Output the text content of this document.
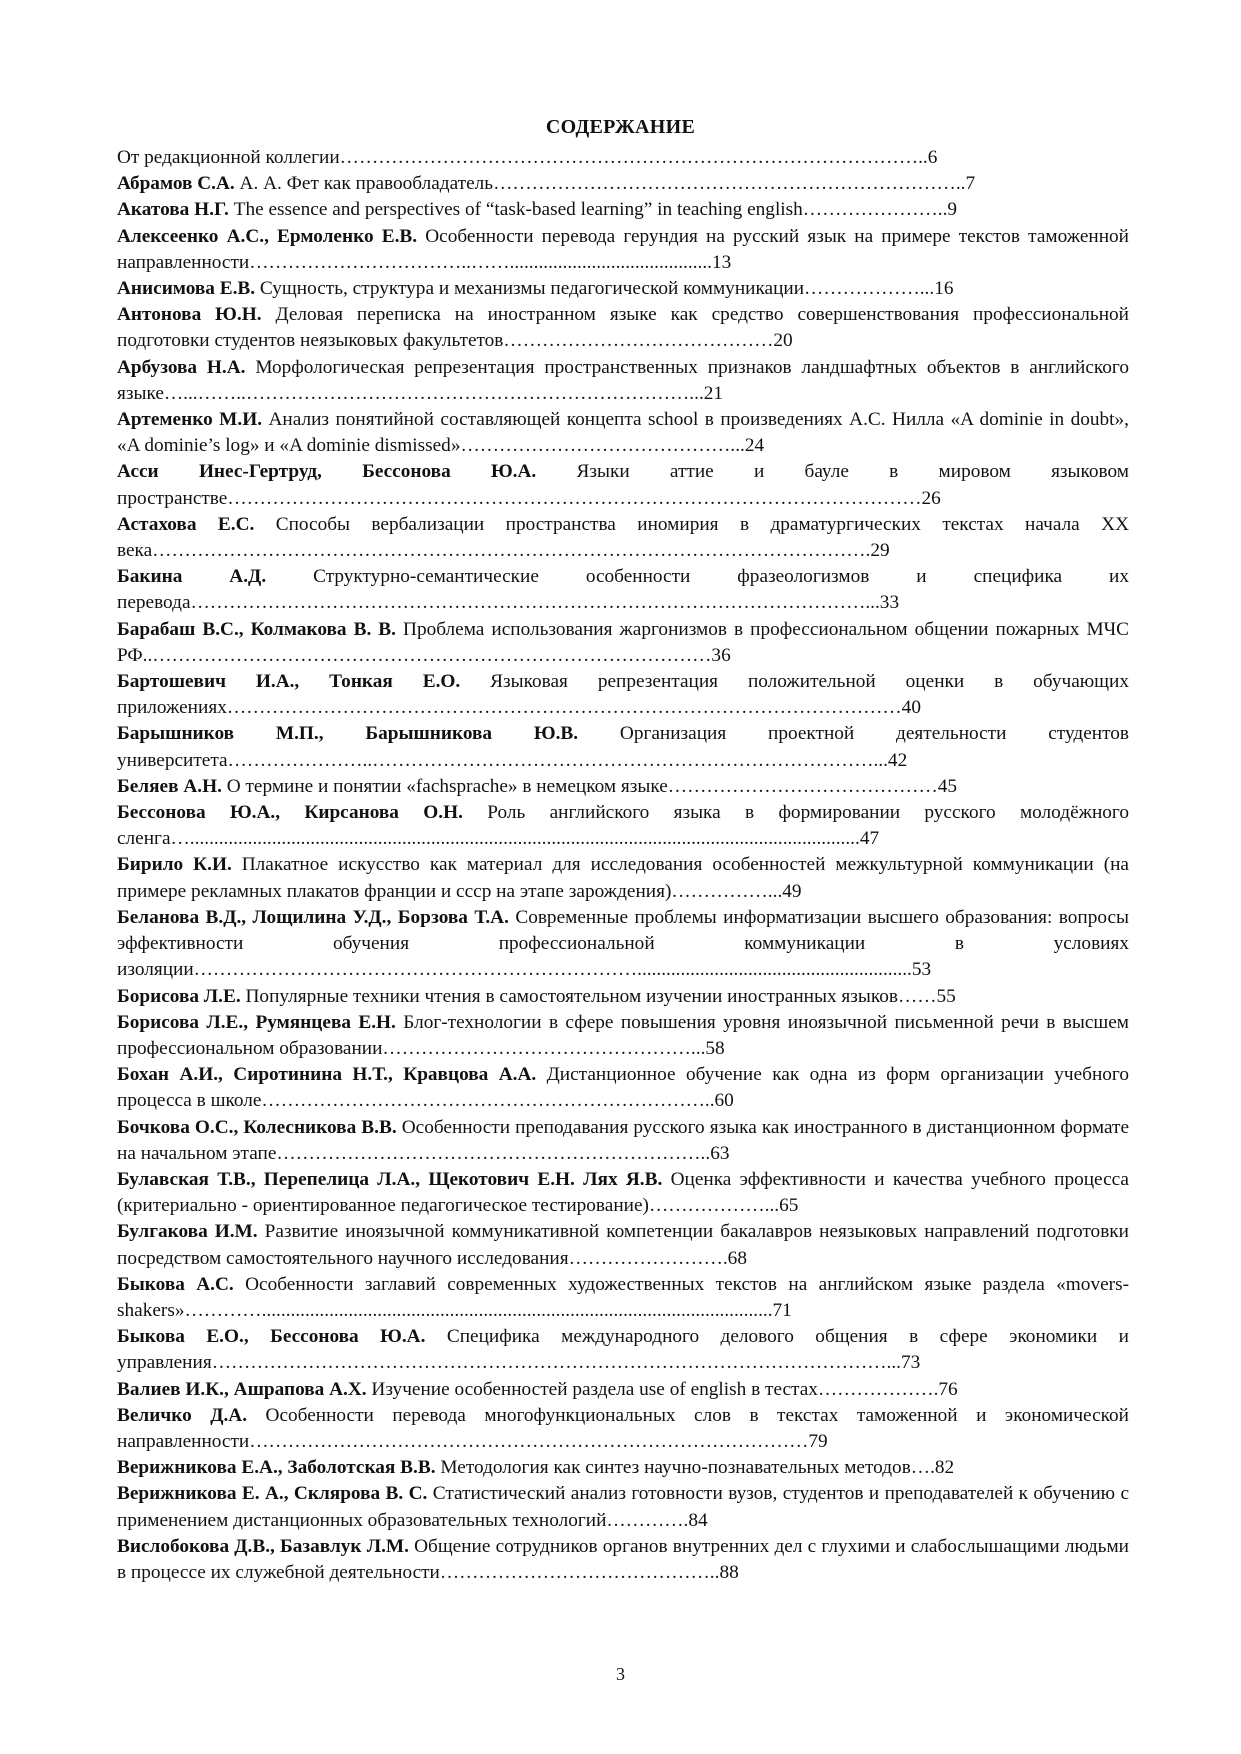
СОДЕРЖАНИЕ
От редакционной коллегии………………………………………………………………………………..6
Абрамов С.А. А. А. Фет как правообладатель………………………………………………………………..7
Акатова Н.Г. The essence and perspectives of “task-based learning” in teaching english…………………..9
Алексеенко А.С., Ермоленко Е.В. Особенности перевода герундия на русский язык на примере текстов таможенной направленности……………………………..……..........................................13
Анисимова Е.В. Сущность, структура и механизмы педагогической коммуникации………………...16
Антонова Ю.Н. Деловая переписка на иностранном языке как средство совершенствования профессиональной подготовки студентов неязыковых факультетов……………………………………20
Арбузова Н.А. Морфологическая репрезентация пространственных признаков ландшафтных объектов в английского языке…...……..……………………………………………………………...21
Артеменко М.И. Анализ понятийной составляющей концепта school в произведениях А.С. Нилла «A dominie in doubt», «A dominie’s log» и «A dominie dismissed»……………………………………...24
Асси Инес-Гертруд, Бессонова Ю.А. Языки аттие и бауле в мировом языковом пространстве………………………………………………………………………………………………26
Астахова Е.С. Способы вербализации пространства иномирия в драматургических текстах начала XX века………………………………………………………………………………………………….29
Бакина А.Д. Структурно-семантические особенности фразеологизмов и специфика их перевода……………………………………………………………………………………………...33
Барабаш В.С., Колмакова В. В. Проблема использования жаргонизмов в профессиональном общении пожарных МЧС РФ..……………………………………………………………………………36
Бартошевич И.А., Тонкая Е.О. Языковая репрезентация положительной оценки в обучающих приложениях……………………………………………………………………………………………40
Барышников М.П., Барышникова Ю.В. Организация проектной деятельности студентов университета…………………..……………………………………………………………………...42
Беляев А.Н. О термине и понятии «fachsprache» в немецком языке……………………………………45
Бессонова Ю.А., Кирсанова О.Н. Роль английского языка в формировании русского молодёжного сленга…...........................................................................................................................................47
Бирило К.И. Плакатное искусство как материал для исследования особенностей межкультурной коммуникации (на примере рекламных плакатов франции и ссср на этапе зарождения)……………...49
Беланова В.Д., Лощилина У.Д., Борзова Т.А. Современные проблемы информатизации высшего образования: вопросы эффективности обучения профессиональной коммуникации в условиях изоляции…………………………………………………………….........................................................53
Борисова Л.Е. Популярные техники чтения в самостоятельном изучении иностранных языков……55
Борисова Л.Е., Румянцева Е.Н. Блог-технологии в сфере повышения уровня иноязычной письменной речи в высшем профессиональном образовании…………………………………………...58
Бохан А.И., Сиротинина Н.Т., Кравцова А.А. Дистанционное обучение как одна из форм организации учебного процесса в школе……………………………………………………………..60
Бочкова О.С., Колесникова В.В. Особенности преподавания русского языка как иностранного в дистанционном формате на начальном этапе…………………………………………………………..63
Булавская Т.В., Перепелица Л.А., Щекотович Е.Н. Лях Я.В. Оценка эффективности и качества учебного процесса (критериально - ориентированное педагогическое тестирование)………………...65
Булгакова И.М. Развитие иноязычной коммуникативной компетенции бакалавров неязыковых направлений подготовки посредством самостоятельного научного исследования…………………….68
Быкова А.С. Особенности заглавий современных художественных текстов на английском языке раздела «movers-shakers»…………..........................................................................................................71
Быкова Е.О., Бессонова Ю.А. Специфика международного делового общения в сфере экономики и управления……………………………………………………………………………………………...73
Валиев И.К., Ашрапова А.Х. Изучение особенностей раздела use of english в тестах……………….76
Величко Д.А. Особенности перевода многофункциональных слов в текстах таможенной и экономической направленности……………………………………………………………………………79
Верижникова Е.А., Заболотская В.В. Методология как синтез научно-познавательных методов….82
Верижникова Е. А., Склярова В. С. Статистический анализ готовности вузов, студентов и преподавателей к обучению с применением дистанционных образовательных технологий………….84
Вислобокова Д.В., Базавлук Л.М. Общение сотрудников органов внутренних дел с глухими и слабослышащими людьми в процессе их служебной деятельности……………………………………..88
3
